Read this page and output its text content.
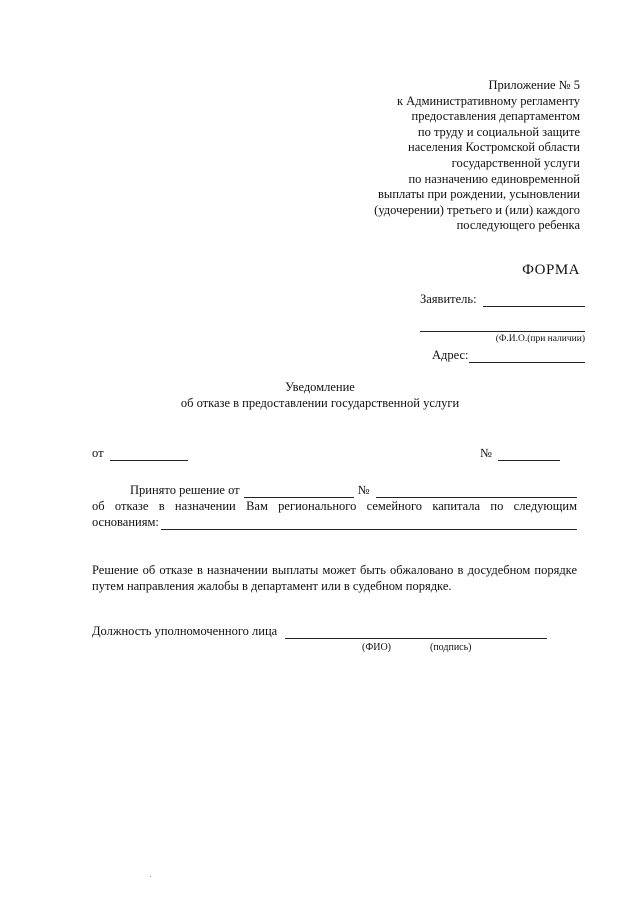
Приложение № 5
к Административному регламенту
предоставления департаментом
по труду и социальной защите
населения Костромской области
государственной услуги
по назначению единовременной
выплаты при рождении, усыновлении
(удочерении) третьего и (или) каждого
последующего ребенка
ФОРМА
Заявитель:
(Ф.И.О.(при наличии)
Адрес:
Уведомление
об отказе в предоставлении государственной услуги
от	№
Принято решение от	№
об отказе в назначении Вам регионального семейного капитала по следующим
основаниям:
Решение об отказе в назначении выплаты может быть обжаловано в досудебном порядке путем направления жалобы в департамент или в судебном порядке.
Должность уполномоченного лица
(ФИО)	(подпись)
